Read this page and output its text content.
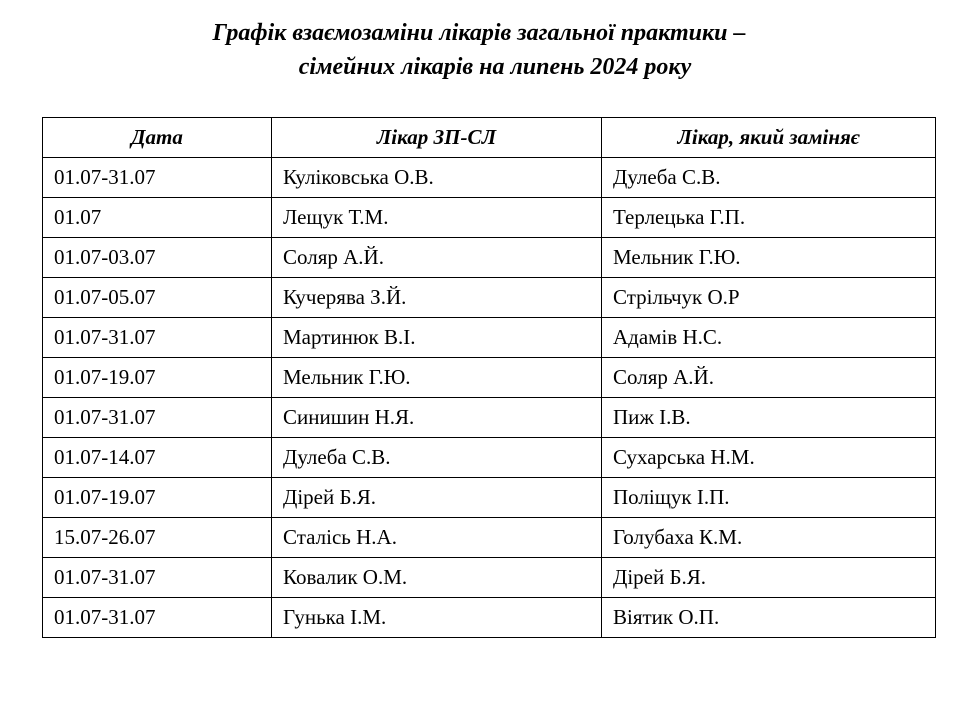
Графік взаємозаміни лікарів загальної практики –
сімейних лікарів на липень 2024 року
Дата	Лікар ЗП-СЛ	Лікар, який заміняє
01.07-31.07	Куліковська О.В.	Дулеба С.В.
01.07	Лещук Т.М.	Терлецька Г.П.
01.07-03.07	Соляр А.Й.	Мельник Г.Ю.
01.07-05.07	Кучерява З.Й.	Стрільчук О.Р
01.07-31.07	Мартинюк В.І.	Адамів Н.С.
01.07-19.07	Мельник Г.Ю.	Соляр А.Й.
01.07-31.07	Синишин Н.Я.	Пиж І.В.
01.07-14.07	Дулеба С.В.	Сухарська Н.М.
01.07-19.07	Дірей Б.Я.	Поліщук І.П.
15.07-26.07	Сталісь Н.А.	Голубаха К.М.
01.07-31.07	Ковалик О.М.	Дірей Б.Я.
01.07-31.07	Гунька І.М.	Віятик О.П.
